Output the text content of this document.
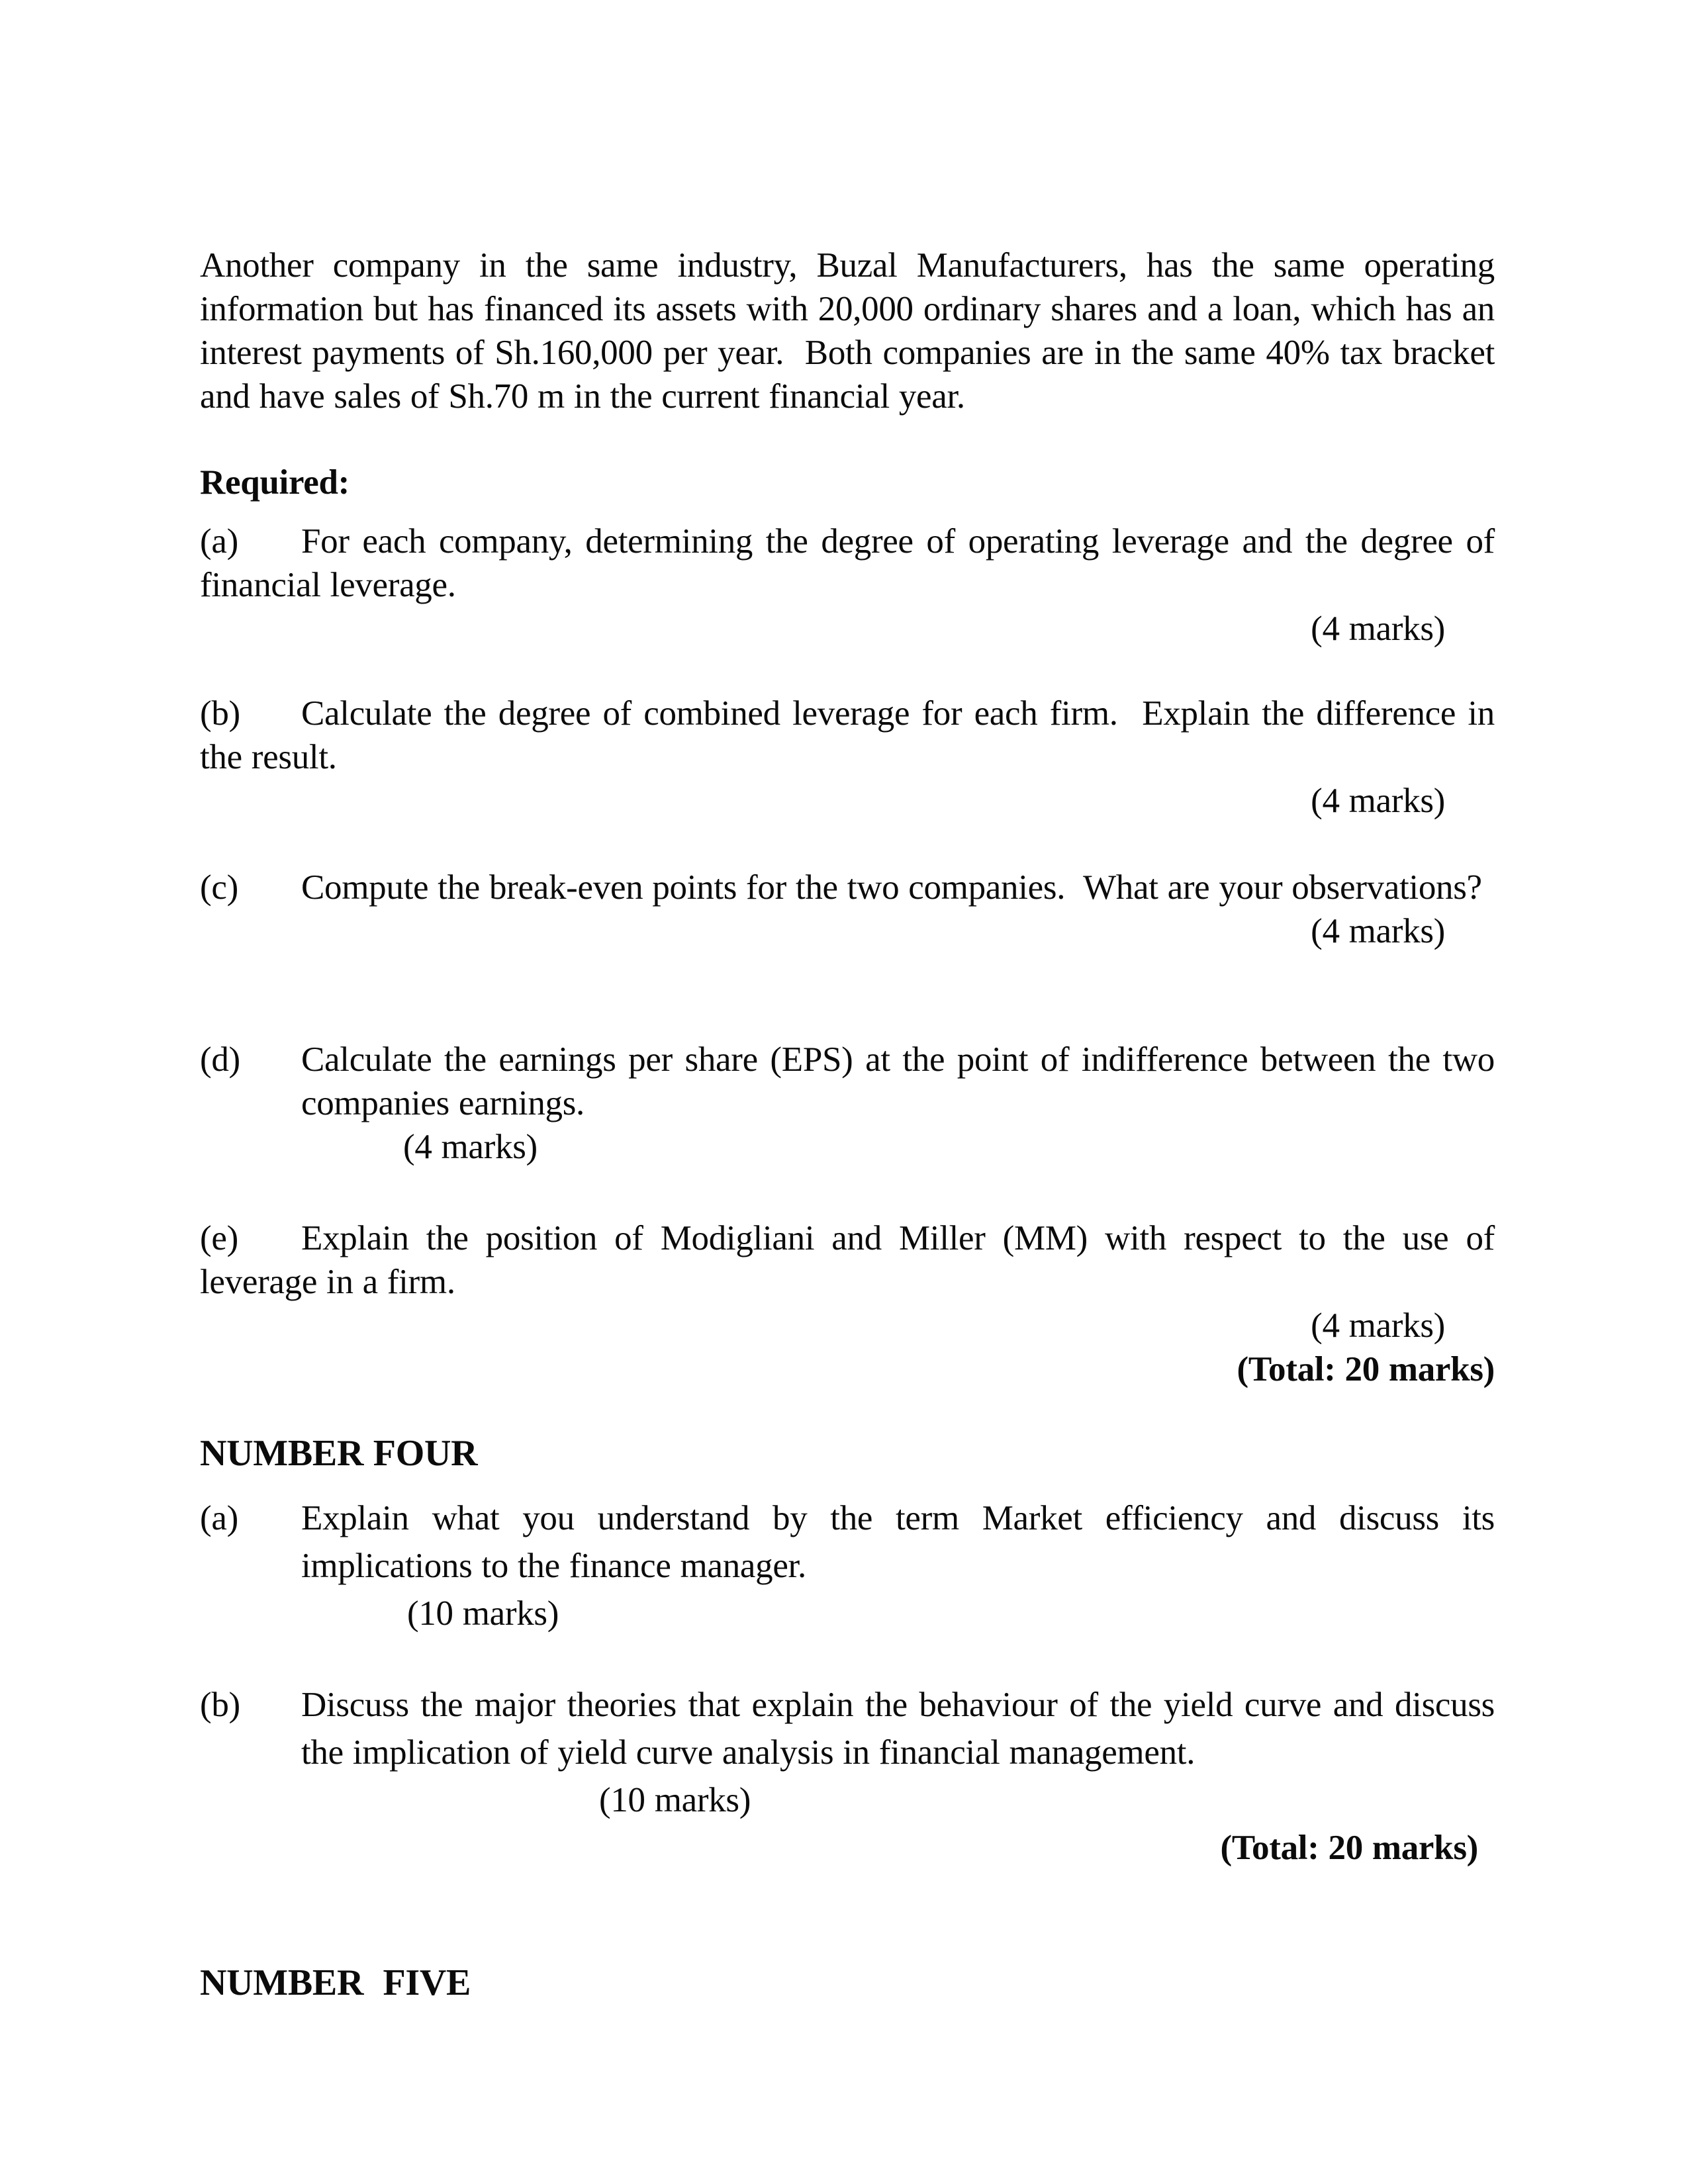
Another company in the same industry, Buzal Manufacturers, has the same operating information but has financed its assets with 20,000 ordinary shares and a loan, which has an interest payments of Sh.160,000 per year.  Both companies are in the same 40% tax bracket and have sales of Sh.70 m in the current financial year.
Required:
(a) For each company, determining the degree of operating leverage and the degree of financial leverage.
(4 marks)
(b) Calculate the degree of combined leverage for each firm.  Explain the difference in the result.
(4 marks)
(c) Compute the break-even points for the two companies.  What are your observations?
(4 marks)
(d) Calculate the earnings per share (EPS) at the point of indifference between the two companies earnings.
(4 marks)
(e) Explain the position of Modigliani and Miller (MM) with respect to the use of leverage in a firm.
(4 marks)
(Total: 20 marks)
NUMBER FOUR
(a) Explain what you understand by the term Market efficiency and discuss its implications to the finance manager.
(10 marks)
(b) Discuss the major theories that explain the behaviour of the yield curve and discuss the implication of yield curve analysis in financial management.
(10 marks)
(Total: 20 marks)
NUMBER  FIVE
